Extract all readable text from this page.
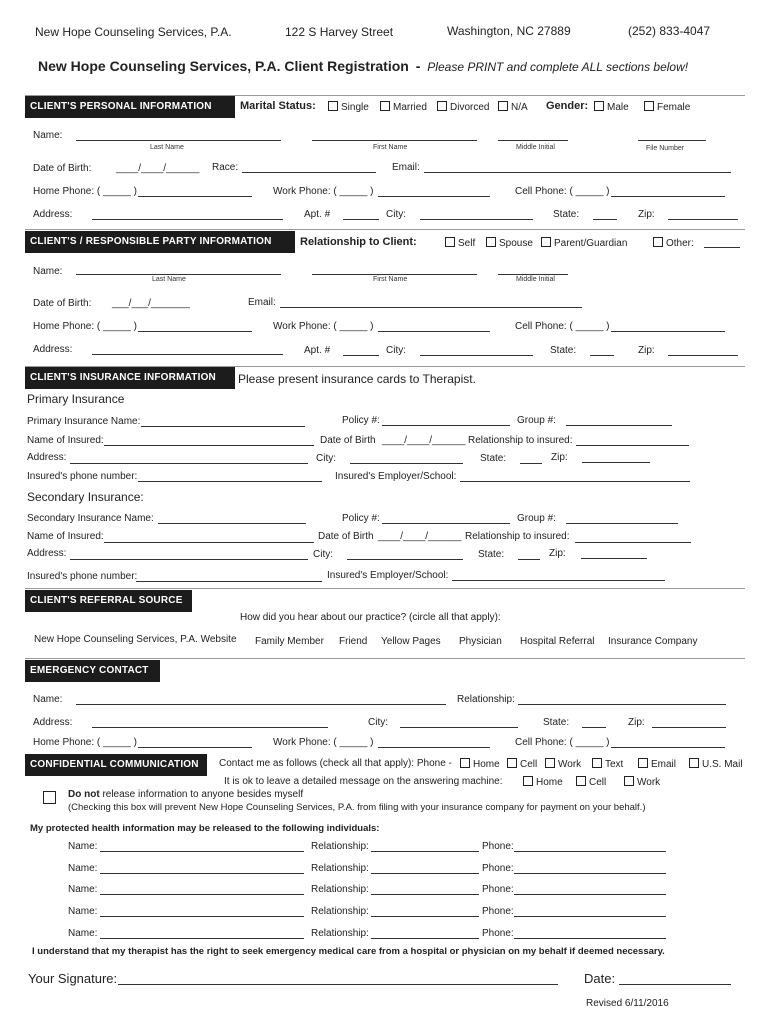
New Hope Counseling Services, P.A.	122 S Harvey Street	Washington, NC 27889	(252) 833-4047
New Hope Counseling Services, P.A. Client Registration - Please PRINT and complete ALL sections below!
CLIENT'S PERSONAL INFORMATION	Marital Status:	Single	Married	Divorced	N/A Gender:	Male	Female
Name:
Last Name	First Name	Middle Initial	File Number
Date of Birth: ____/____/______ Race:	Email:
Home Phone: ( _____ )	Work Phone: ( _____ )	Cell Phone: ( _____ )
Address:	Apt. #	City:	State:	Zip:
CLIENT'S / RESPONSIBLE PARTY INFORMATION	Relationship to Client:	Self	Spouse	Parent/Guardian	Other:
Name:
Last Name	First Name	Middle Initial
Date of Birth: ___/___/_______	Email:
Home Phone: ( _____ )	Work Phone: ( _____ )	Cell Phone: ( _____ )
Address:	Apt. #	City:	State:	Zip:
CLIENT'S INSURANCE INFORMATION	Please present insurance cards to Therapist.
Primary Insurance
Primary Insurance Name:	Policy #:	Group #:
Name of Insured:	Date of Birth ____/____/______ Relationship to insured:
Address:	City:	State:	Zip:
Insured's phone number:	Insured's Employer/School:
Secondary Insurance:
Secondary Insurance Name:	Policy #:	Group #:
Name of Insured:	Date of Birth ____/____/______ Relationship to insured:
Address:	City:	State:	Zip:
Insured's phone number:	Insured's Employer/School:
CLIENT'S REFERRAL SOURCE
How did you hear about our practice? (circle all that apply):
New Hope Counseling Services, P.A. Website Family Member Friend Yellow Pages Physician Hospital Referral Insurance Company
EMERGENCY CONTACT
Name:	Relationship:
Address:	City:	State:	Zip:
Home Phone: ( _____ )	Work Phone: ( _____ )	Cell Phone: ( _____ )
CONFIDENTIAL COMMUNICATION	Contact me as follows (check all that apply): Phone -	Home	Cell	Work	Text	Email	U.S. Mail
It is ok to leave a detailed message on the answering machine:	Home	Cell	Work
Do not release information to anyone besides myself
(Checking this box will prevent New Hope Counseling Services, P.A. from filing with your insurance company for payment on your behalf.)
My protected health information may be released to the following individuals:
Name:	Relationship:	Phone:
Name:	Relationship:	Phone:
Name:	Relationship:	Phone:
Name:	Relationship:	Phone:
Name:	Relationship:	Phone:
I understand that my therapist has the right to seek emergency medical care from a hospital or physician on my behalf if deemed necessary.
Your Signature:	Date:
Revised 6/11/2016
